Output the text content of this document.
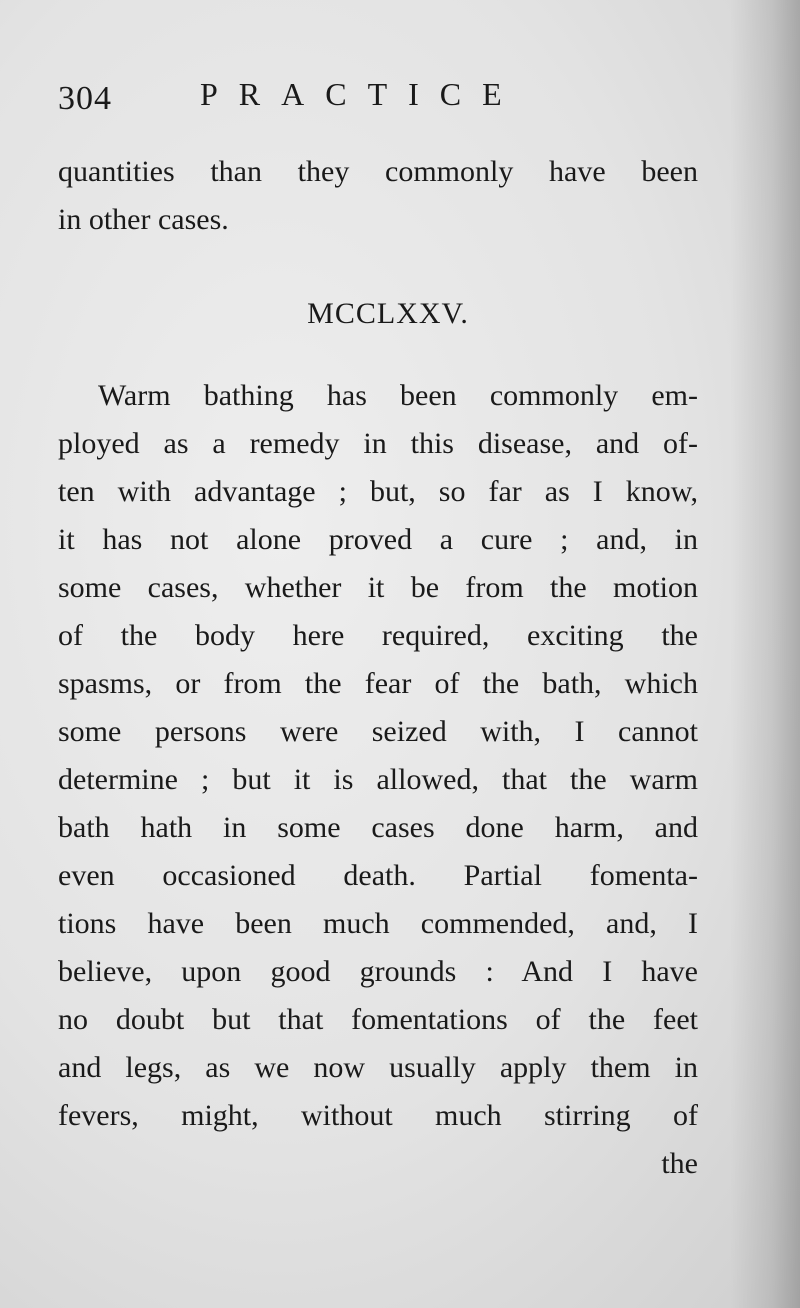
304	PRACTICE
quantities than they commonly have been
in other cases.
MCCLXXV.
Warm bathing has been commonly em-
ployed as a remedy in this disease, and of-
ten with advantage ; but, so far as I know,
it has not alone proved a cure ; and, in
some cases, whether it be from the motion
of the body here required, exciting the
spasms, or from the fear of the bath, which
some persons were seized with, I cannot
determine ; but it is allowed, that the warm
bath hath in some cases done harm, and
even occasioned death. Partial fomenta-
tions have been much commended, and, I
believe, upon good grounds : And I have
no doubt but that fomentations of the feet
and legs, as we now usually apply them in
fevers, might, without much stirring of
the
